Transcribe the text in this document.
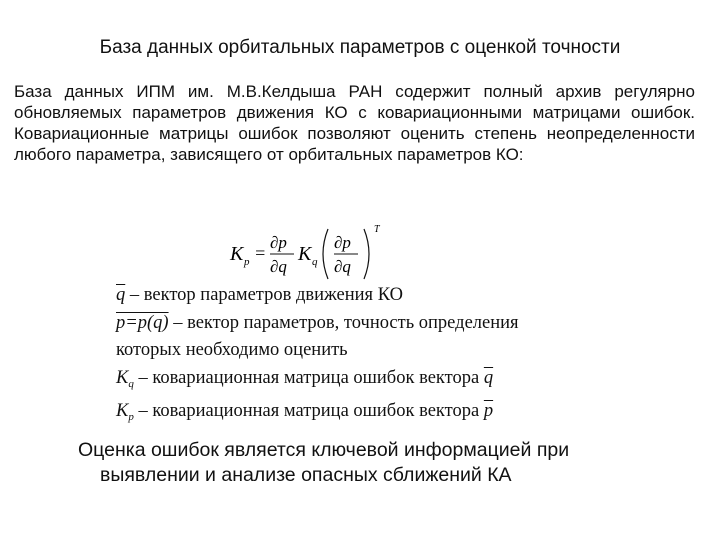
База данных орбитальных параметров с оценкой точности
База данных ИПМ им. М.В.Келдыша РАН содержит полный архив регулярно обновляемых параметров движения КО с ковариационными матрицами ошибок. Ковариационные матрицы ошибок позволяют оценить степень неопределенности любого параметра, зависящего от орбитальных параметров КО:
K p =
∂p
∂q
K q
∂p
∂q
T
$\overline{q}$ – вектор параметров движения КО
p=p(q) – вектор параметров, точность определения
которых необходимо оценить
$K_q$ – ковариационная матрица ошибок вектора $\overline{q}$
$K_p$ – ковариационная матрица ошибок вектора $\overline{p}$
Оценка ошибок является ключевой информацией при
выявлении и анализе опасных сближений КА
